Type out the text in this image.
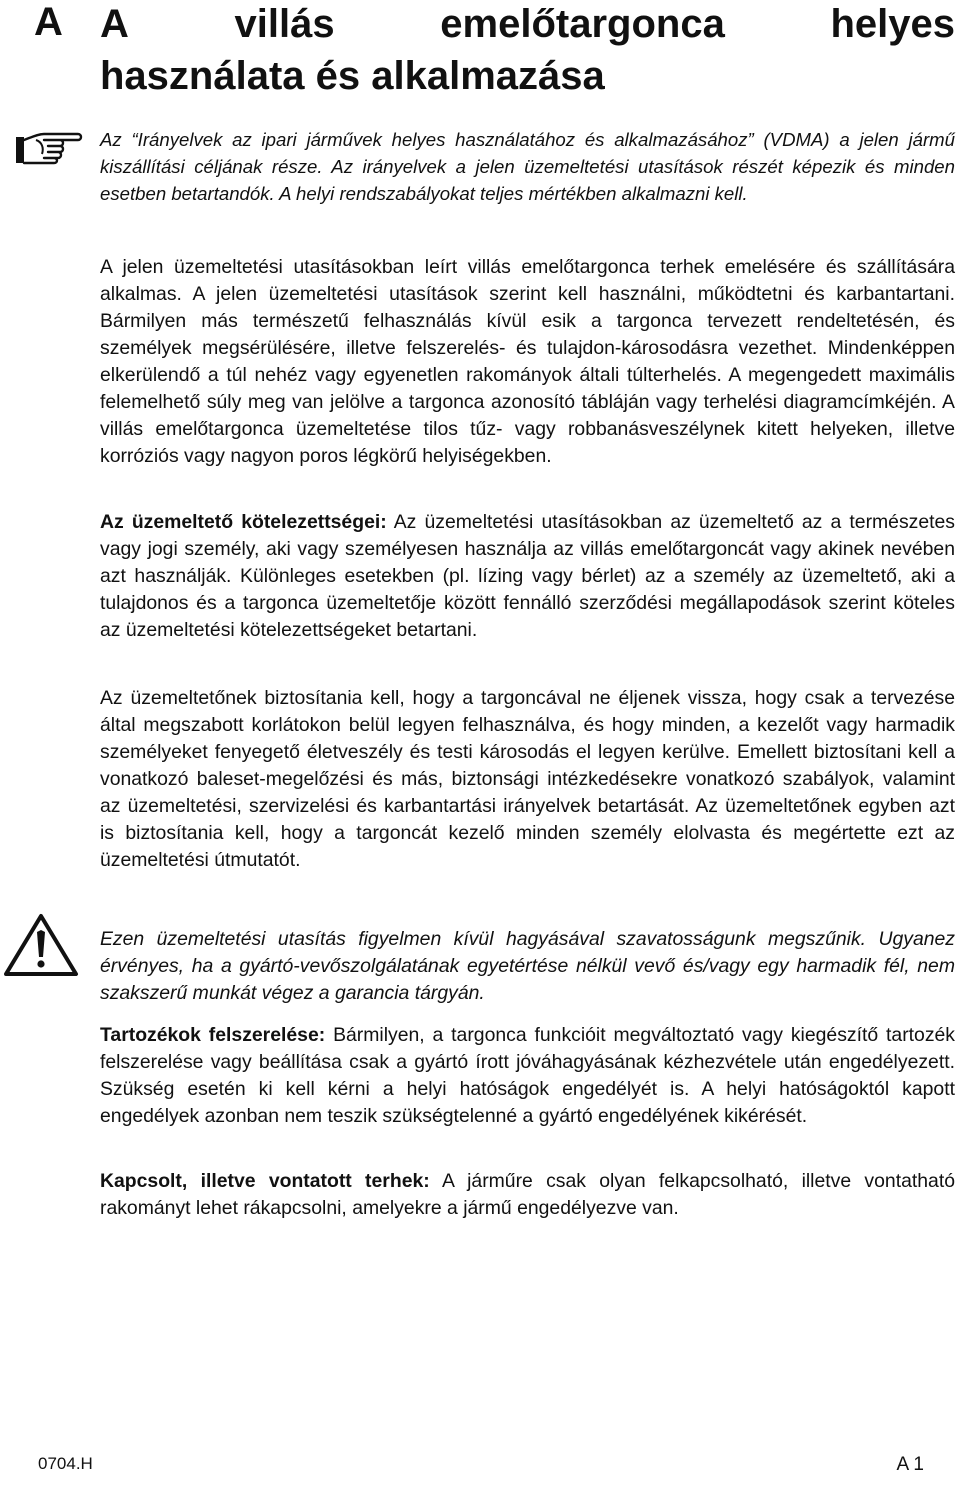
A A	villás	emelőtargonca	helyes
használata és alkalmazása

Az “Irányelvek az ipari járművek helyes használatához és alkalmazásához” (VDMA) a jelen jármű kiszállítási céljának része. Az irányelvek a jelen üzemeltetési utasítások részét képezik és minden esetben betartandók. A helyi rendszabályokat teljes mértékben alkalmazni kell.

A jelen üzemeltetési utasításokban leírt villás emelőtargonca terhek emelésére és szállítására alkalmas. A jelen üzemeltetési utasítások szerint kell használni, működtetni és karbantartani. Bármilyen más természetű felhasználás kívül esik a targonca tervezett rendeltetésén, és személyek megsérülésére, illetve felszerelés- és tulajdon-károsodásra vezethet. Mindenképpen elkerülendő a túl nehéz vagy egyenetlen rakományok általi túlterhelés. A megengedett maximális felemelhető súly meg van jelölve a targonca azonosító tábláján vagy terhelési diagramcímkéjén. A villás emelőtargonca üzemeltetése tilos tűz- vagy robbanásveszélynek kitett helyeken, illetve korróziós vagy nagyon poros légkörű helyiségekben.

Az üzemeltető kötelezettségei: Az üzemeltetési utasításokban az üzemeltető az a természetes vagy jogi személy, aki vagy személyesen használja az villás emelőtargoncát vagy akinek nevében azt használják. Különleges esetekben (pl. lízing vagy bérlet) az a személy az üzemeltető, aki a tulajdonos és a targonca üzemeltetője között fennálló szerződési megállapodások szerint köteles az üzemeltetési kötelezettségeket betartani.

Az üzemeltetőnek biztosítania kell, hogy a targoncával ne éljenek vissza, hogy csak a tervezése által megszabott korlátokon belül legyen felhasználva, és hogy minden, a kezelőt vagy harmadik személyeket fenyegető életveszély és testi károsodás el legyen kerülve. Emellett biztosítani kell a vonatkozó baleset-megelőzési és más, biztonsági intézkedésekre vonatkozó szabályok, valamint az üzemeltetési, szervizelési és karbantartási irányelvek betartását. Az üzemeltetőnek egyben azt is biztosítania kell, hogy a targoncát kezelő minden személy elolvasta és megértette ezt az üzemeltetési útmutatót.

Ezen üzemeltetési utasítás figyelmen kívül hagyásával szavatosságunk megszűnik. Ugyanez érvényes, ha a gyártó-vevőszolgálatának egyetértése nélkül vevő és/vagy egy harmadik fél, nem szakszerű munkát végez a garancia tárgyán.

Tartozékok felszerelése: Bármilyen, a targonca funkcióit megváltoztató vagy kiegészítő tartozék felszerelése vagy beállítása csak a gyártó írott jóváhagyásának kézhezvétele után engedélyezett. Szükség esetén ki kell kérni a helyi hatóságok engedélyét is. A helyi hatóságoktól kapott engedélyek azonban nem teszik szükségtelenné a gyártó engedélyének kikérését.

Kapcsolt, illetve vontatott terhek: A járműre csak olyan felkapcsolható, illetve vontatható rakományt lehet rákapcsolni, amelyekre a jármű engedélyezve van.

0704.H	A 1
